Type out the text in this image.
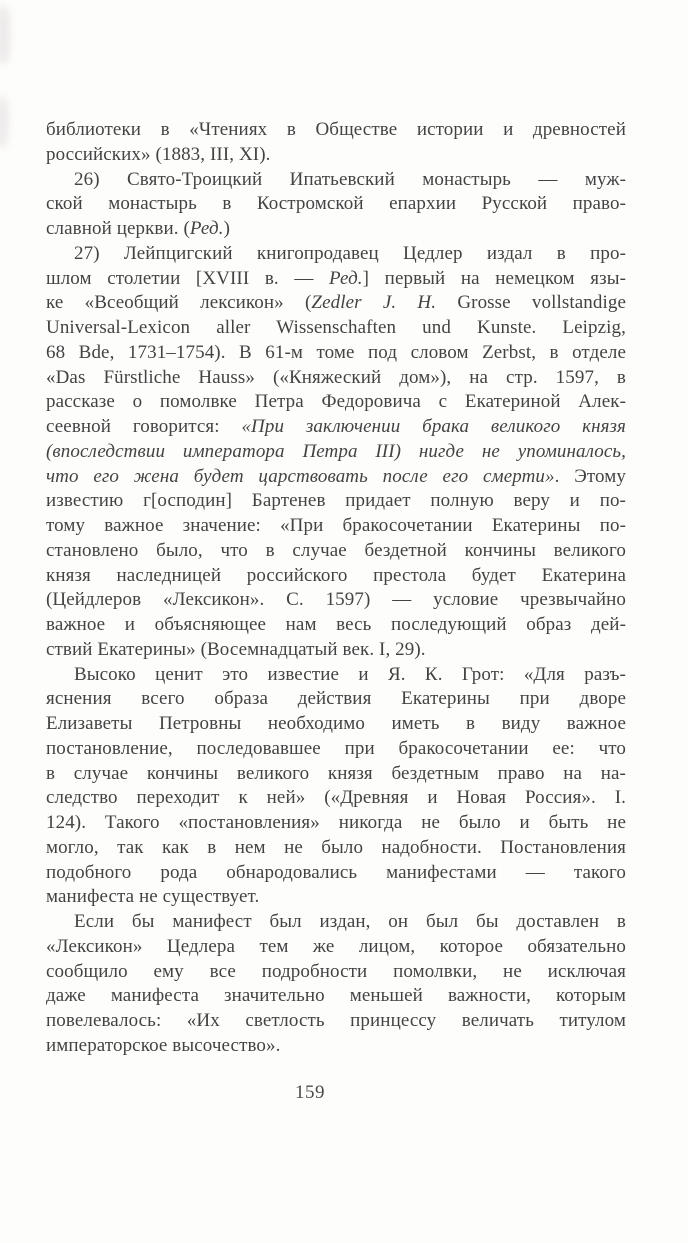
библиотеки в «Чтениях в Обществе истории и древностей
российских» (1883, III, XI).
26) Свято-Троицкий Ипатьевский монастырь — муж-
ской монастырь в Костромской епархии Русской право-
славной церкви. (Ред.)
27) Лейпцигский книгопродавец Цедлер издал в про-
шлом столетии [XVIII в. — Ред.] первый на немецком язы-
ке «Всеобщий лексикон» (Zedler J. H. Grosse vollstandige
Universal-Lexicon aller Wissenschaften und Kunste. Leipzig,
68 Bde, 1731–1754). В 61-м томе под словом Zerbst, в отделе
«Das Fürstliche Hauss» («Княжеский дом»), на стр. 1597, в
рассказе о помолвке Петра Федоровича с Екатериной Алек-
сеевной говорится: «При заключении брака великого князя
(впоследствии императора Петра III) нигде не упоминалось,
что его жена будет царствовать после его смерти». Этому
известию г[осподин] Бартенев придает полную веру и по-
тому важное значение: «При бракосочетании Екатерины по-
становлено было, что в случае бездетной кончины великого
князя наследницей российского престола будет Екатерина
(Цейдлеров «Лексикон». С. 1597) — условие чрезвычайно
важное и объясняющее нам весь последующий образ дей-
ствий Екатерины» (Восемнадцатый век. I, 29).
Высоко ценит это известие и Я. К. Грот: «Для разъ-
яснения всего образа действия Екатерины при дворе
Елизаветы Петровны необходимо иметь в виду важное
постановление, последовавшее при бракосочетании ее: что
в случае кончины великого князя бездетным право на на-
следство переходит к ней» («Древняя и Новая Россия». I.
124). Такого «постановления» никогда не было и быть не
могло, так как в нем не было надобности. Постановления
подобного рода обнародовались манифестами — такого
манифеста не существует.
Если бы манифест был издан, он был бы доставлен в
«Лексикон» Цедлера тем же лицом, которое обязательно
сообщило ему все подробности помолвки, не исключая
даже манифеста значительно меньшей важности, которым
повелевалось: «Их светлость принцессу величать титулом
императорское высочество».
159
